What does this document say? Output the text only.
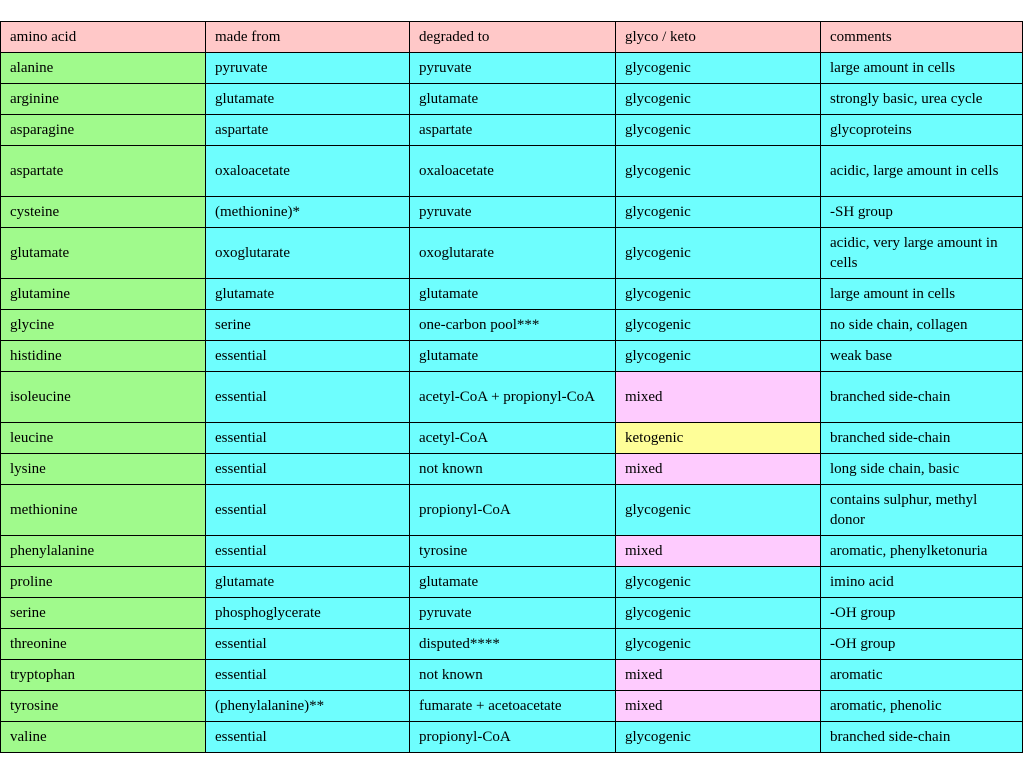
amino acid	made from	degraded to	glyco / keto	comments
alanine	pyruvate	pyruvate	glycogenic	large amount in cells
arginine	glutamate	glutamate	glycogenic	strongly basic, urea cycle
asparagine	aspartate	aspartate	glycogenic	glycoproteins
aspartate	oxaloacetate	oxaloacetate	glycogenic	acidic, large amount in cells
cysteine	(methionine)*	pyruvate	glycogenic	-SH group
glutamate	oxoglutarate	oxoglutarate	glycogenic	acidic, very large amount in cells
glutamine	glutamate	glutamate	glycogenic	large amount in cells
glycine	serine	one-carbon pool***	glycogenic	no side chain, collagen
histidine	essential	glutamate	glycogenic	weak base
isoleucine	essential	acetyl-CoA + propionyl-CoA	mixed	branched side-chain
leucine	essential	acetyl-CoA	ketogenic	branched side-chain
lysine	essential	not known	mixed	long side chain, basic
methionine	essential	propionyl-CoA	glycogenic	contains sulphur, methyl donor
phenylalanine	essential	tyrosine	mixed	aromatic, phenylketonuria
proline	glutamate	glutamate	glycogenic	imino acid
serine	phosphoglycerate	pyruvate	glycogenic	-OH group
threonine	essential	disputed****	glycogenic	-OH group
tryptophan	essential	not known	mixed	aromatic
tyrosine	(phenylalanine)**	fumarate + acetoacetate	mixed	aromatic, phenolic
valine	essential	propionyl-CoA	glycogenic	branched side-chain
